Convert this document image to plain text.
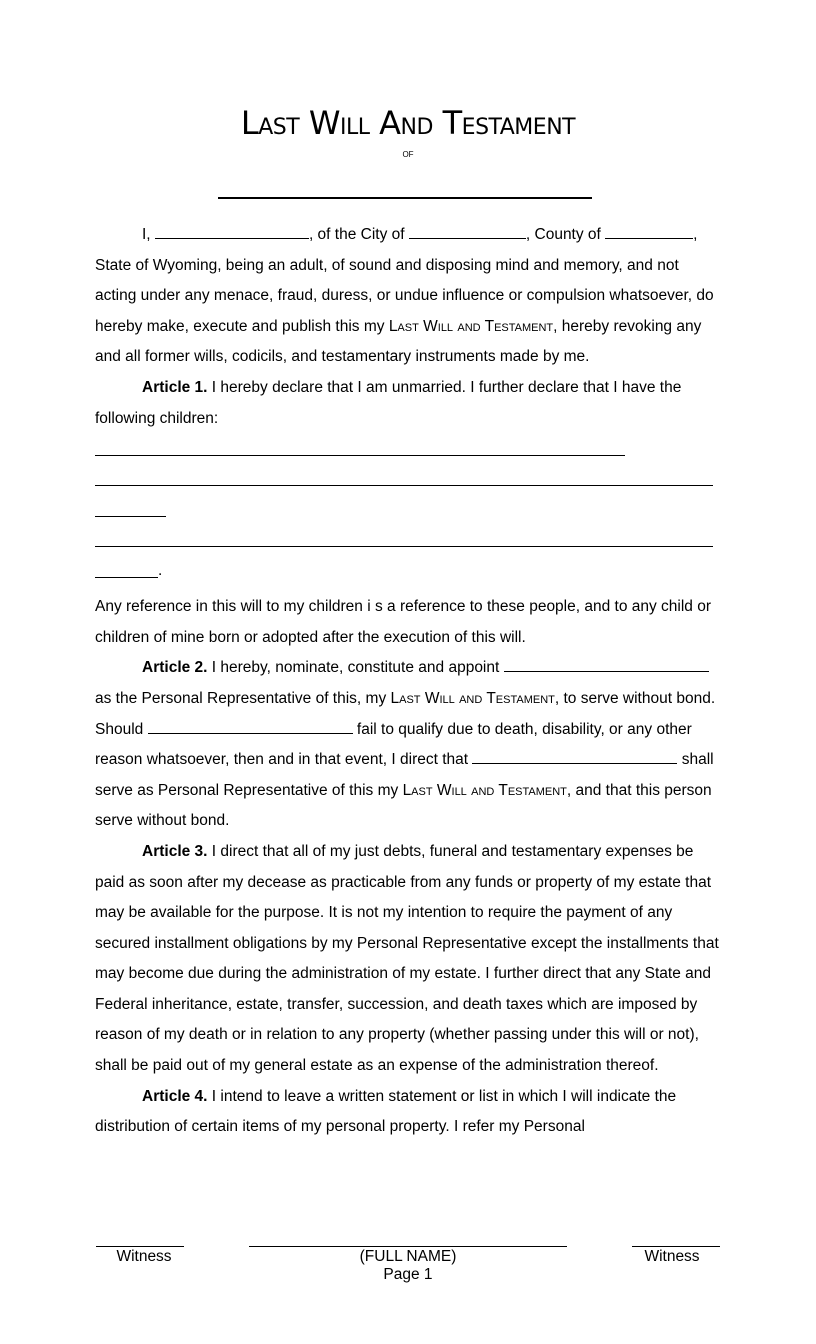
Last Will And Testament
of

I,	, of the City of	, County of	, State of Wyoming, being an adult, of sound and disposing mind and memory, and not acting under any menace, fraud, duress, or undue influence or compulsion whatsoever, do hereby make, execute and publish this my Last Will and Testament, hereby revoking any and all former wills, codicils, and testamentary instruments made by me.

Article 1. I hereby declare that I am unmarried. I further declare that I have the following children:

.

Any reference in this will to my children i s a reference to these people, and to any child or children of mine born or adopted after the execution of this will.

Article 2. I hereby, nominate, constitute and appoint  as the Personal Representative of this, my Last Will and Testament, to serve without bond. Should	fail to qualify due to death, disability, or any other reason whatsoever, then and in that event, I direct that	shall serve as Personal Representative of this my Last Will and Testament, and that this person serve without bond.

Article 3. I direct that all of my just debts, funeral and testamentary expenses be paid as soon after my decease as practicable from any funds or property of my estate that may be available for the purpose. It is not my intention to require the payment of any secured installment obligations by my Personal Representative except the installments that may become due during the administration of my estate. I further direct that any State and Federal inheritance, estate, transfer, succession, and death taxes which are imposed by reason of my death or in relation to any property (whether passing under this will or not), shall be paid out of my general estate as an expense of the administration thereof.

Article 4. I intend to leave a written statement or list in which I will indicate the distribution of certain items of my personal property. I refer my Personal

Witness	(FULL NAME)	Witness
Page 1
